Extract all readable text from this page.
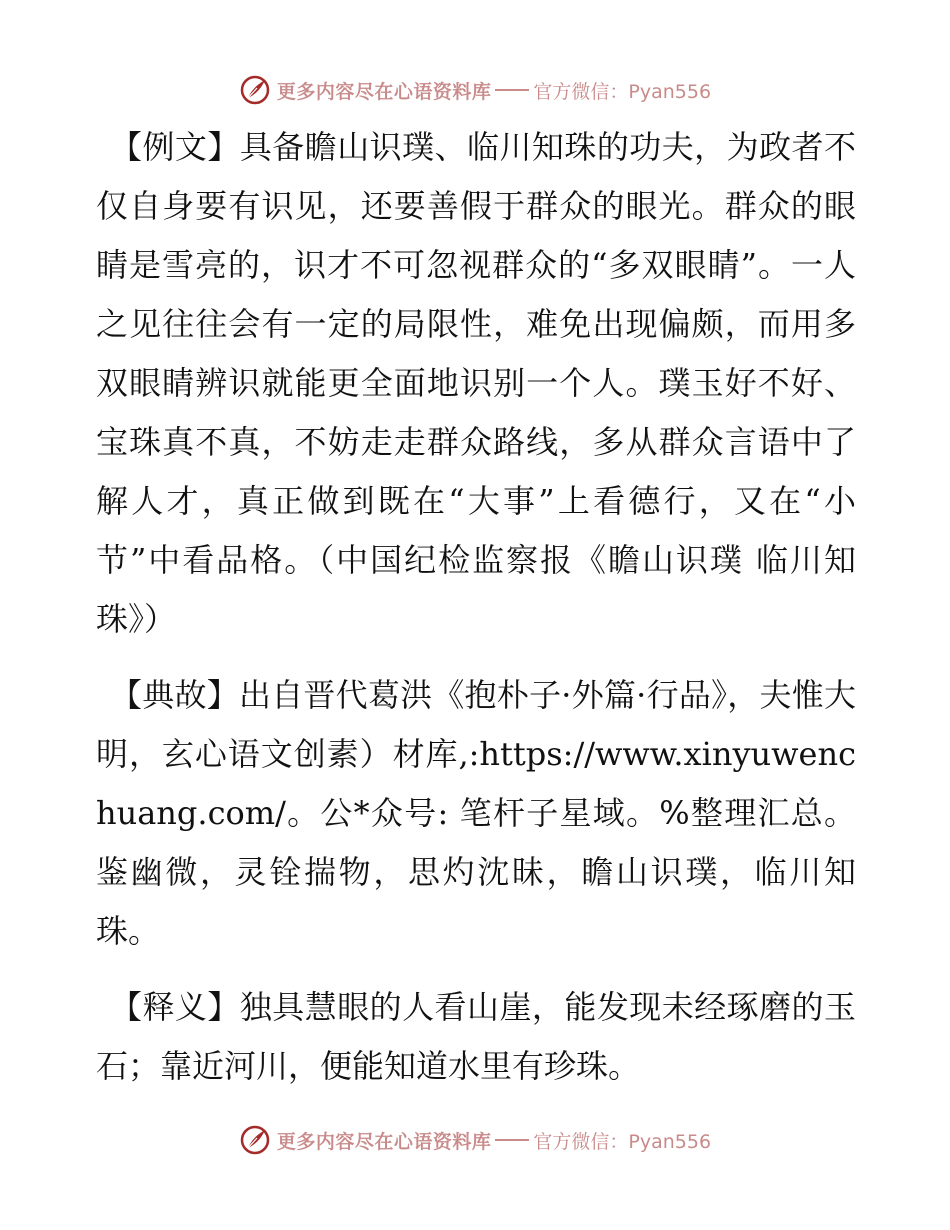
更多内容尽在心语资料库 官方微信：Pyan556

【例文】具备瞻山识璞、临川知珠的功夫，为政者不仅自身要有识见，还要善假于群众的眼光。群众的眼睛是雪亮的，识才不可忽视群众的“多双眼睛”。一人之见往往会有一定的局限性，难免出现偏颇，而用多双眼睛辨识就能更全面地识别一个人。璞玉好不好、宝珠真不真，不妨走走群众路线，多从群众言语中了解人才，真正做到既在“大事”上看德行，又在“小节”中看品格。（中国纪检监察报《瞻山识璞 临川知珠》）

【典故】出自晋代葛洪《抱朴子·外篇·行品》，夫惟大明，玄心语文创素）材库,:https://www.xinyuwenchuang.com/。公*众号: 笔杆子星域。%整理汇总。鉴幽微，灵铨揣物，思灼沈昧，瞻山识璞，临川知珠。

【释义】独具慧眼的人看山崖，能发现未经琢磨的玉石；靠近河川，便能知道水里有珍珠。

更多内容尽在心语资料库 官方微信：Pyan556
